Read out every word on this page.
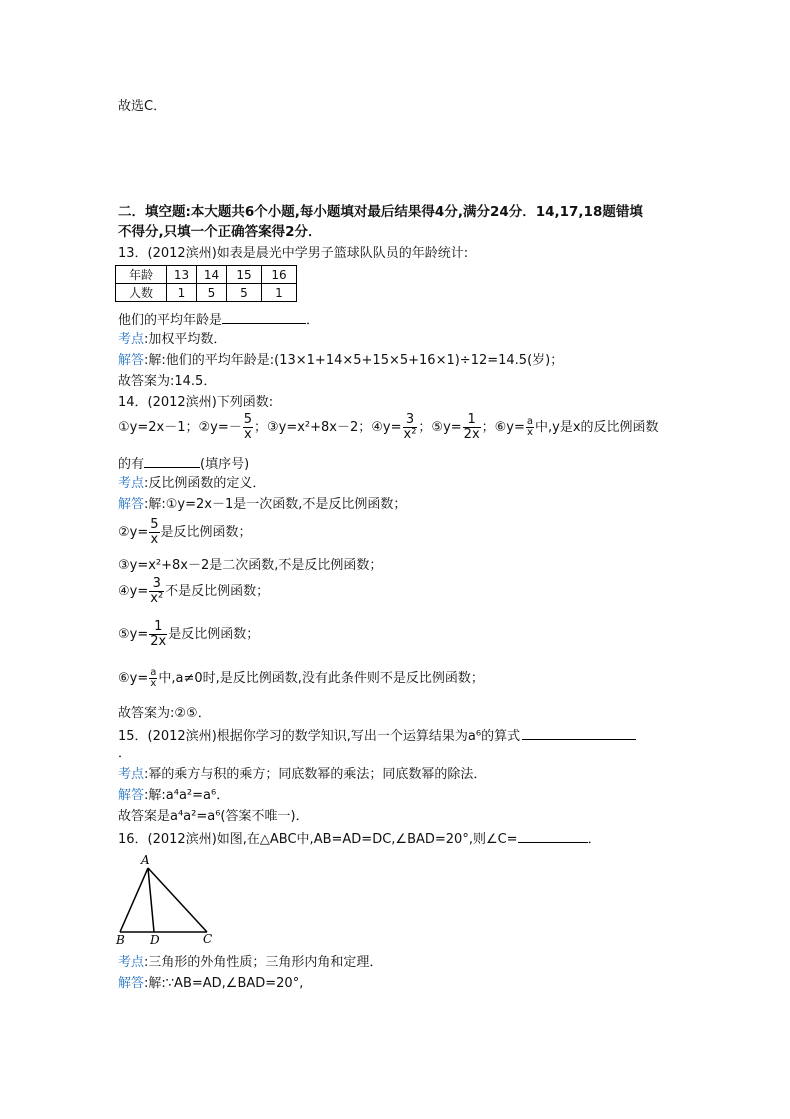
故选C．
二．填空题:本大题共6个小题,每小题填对最后结果得4分,满分24分．14,17,18题错填
不得分,只填一个正确答案得2分．
13．(2012滨州)如表是晨光中学男子篮球队队员的年龄统计:
年龄	13	14	15	16
人数	1	5	5	1
他们的平均年龄是	．
考点:加权平均数．
解答:解:他们的平均年龄是:(13×1+14×5+15×5+16×1)÷12=14.5(岁)；
故答案为:14.5．
14．(2012滨州)下列函数:
①y=2x－1；②y=－ $\frac{5}{x}$ ；③y=x²+8x－2；④y= $\frac{3}{\text{x²}}$ ；⑤y= $\frac{1}{2x}$ ；⑥y= $\frac{a}{x}$ 中,y是x的反比例函数
的有	(填序号)
考点:反比例函数的定义．
解答:解:①y=2x－1是一次函数,不是反比例函数；
②y= $\frac{5}{x}$ 是反比例函数；
③y=x²+8x－2是二次函数,不是反比例函数；
④y= $\frac{3}{\text{x²}}$ 不是反比例函数；
⑤y= $\frac{1}{2x}$ 是反比例函数；
⑥y= $\frac{a}{x}$ 中,a≠0时,是反比例函数,没有此条件则不是反比例函数；
故答案为:②⑤．
15．(2012滨州)根据你学习的数学知识,写出一个运算结果为a⁶的算式
．
考点:幂的乘方与积的乘方；同底数幂的乘法；同底数幂的除法．
解答:解:a⁴a²=a⁶．
故答案是a⁴a²=a⁶(答案不唯一)．
16．(2012滨州)如图,在△ABC中,AB=AD=DC,∠BAD=20°,则∠C=	．
A
B D	C
考点:三角形的外角性质；三角形内角和定理．
解答:解:∵AB=AD,∠BAD=20°,
